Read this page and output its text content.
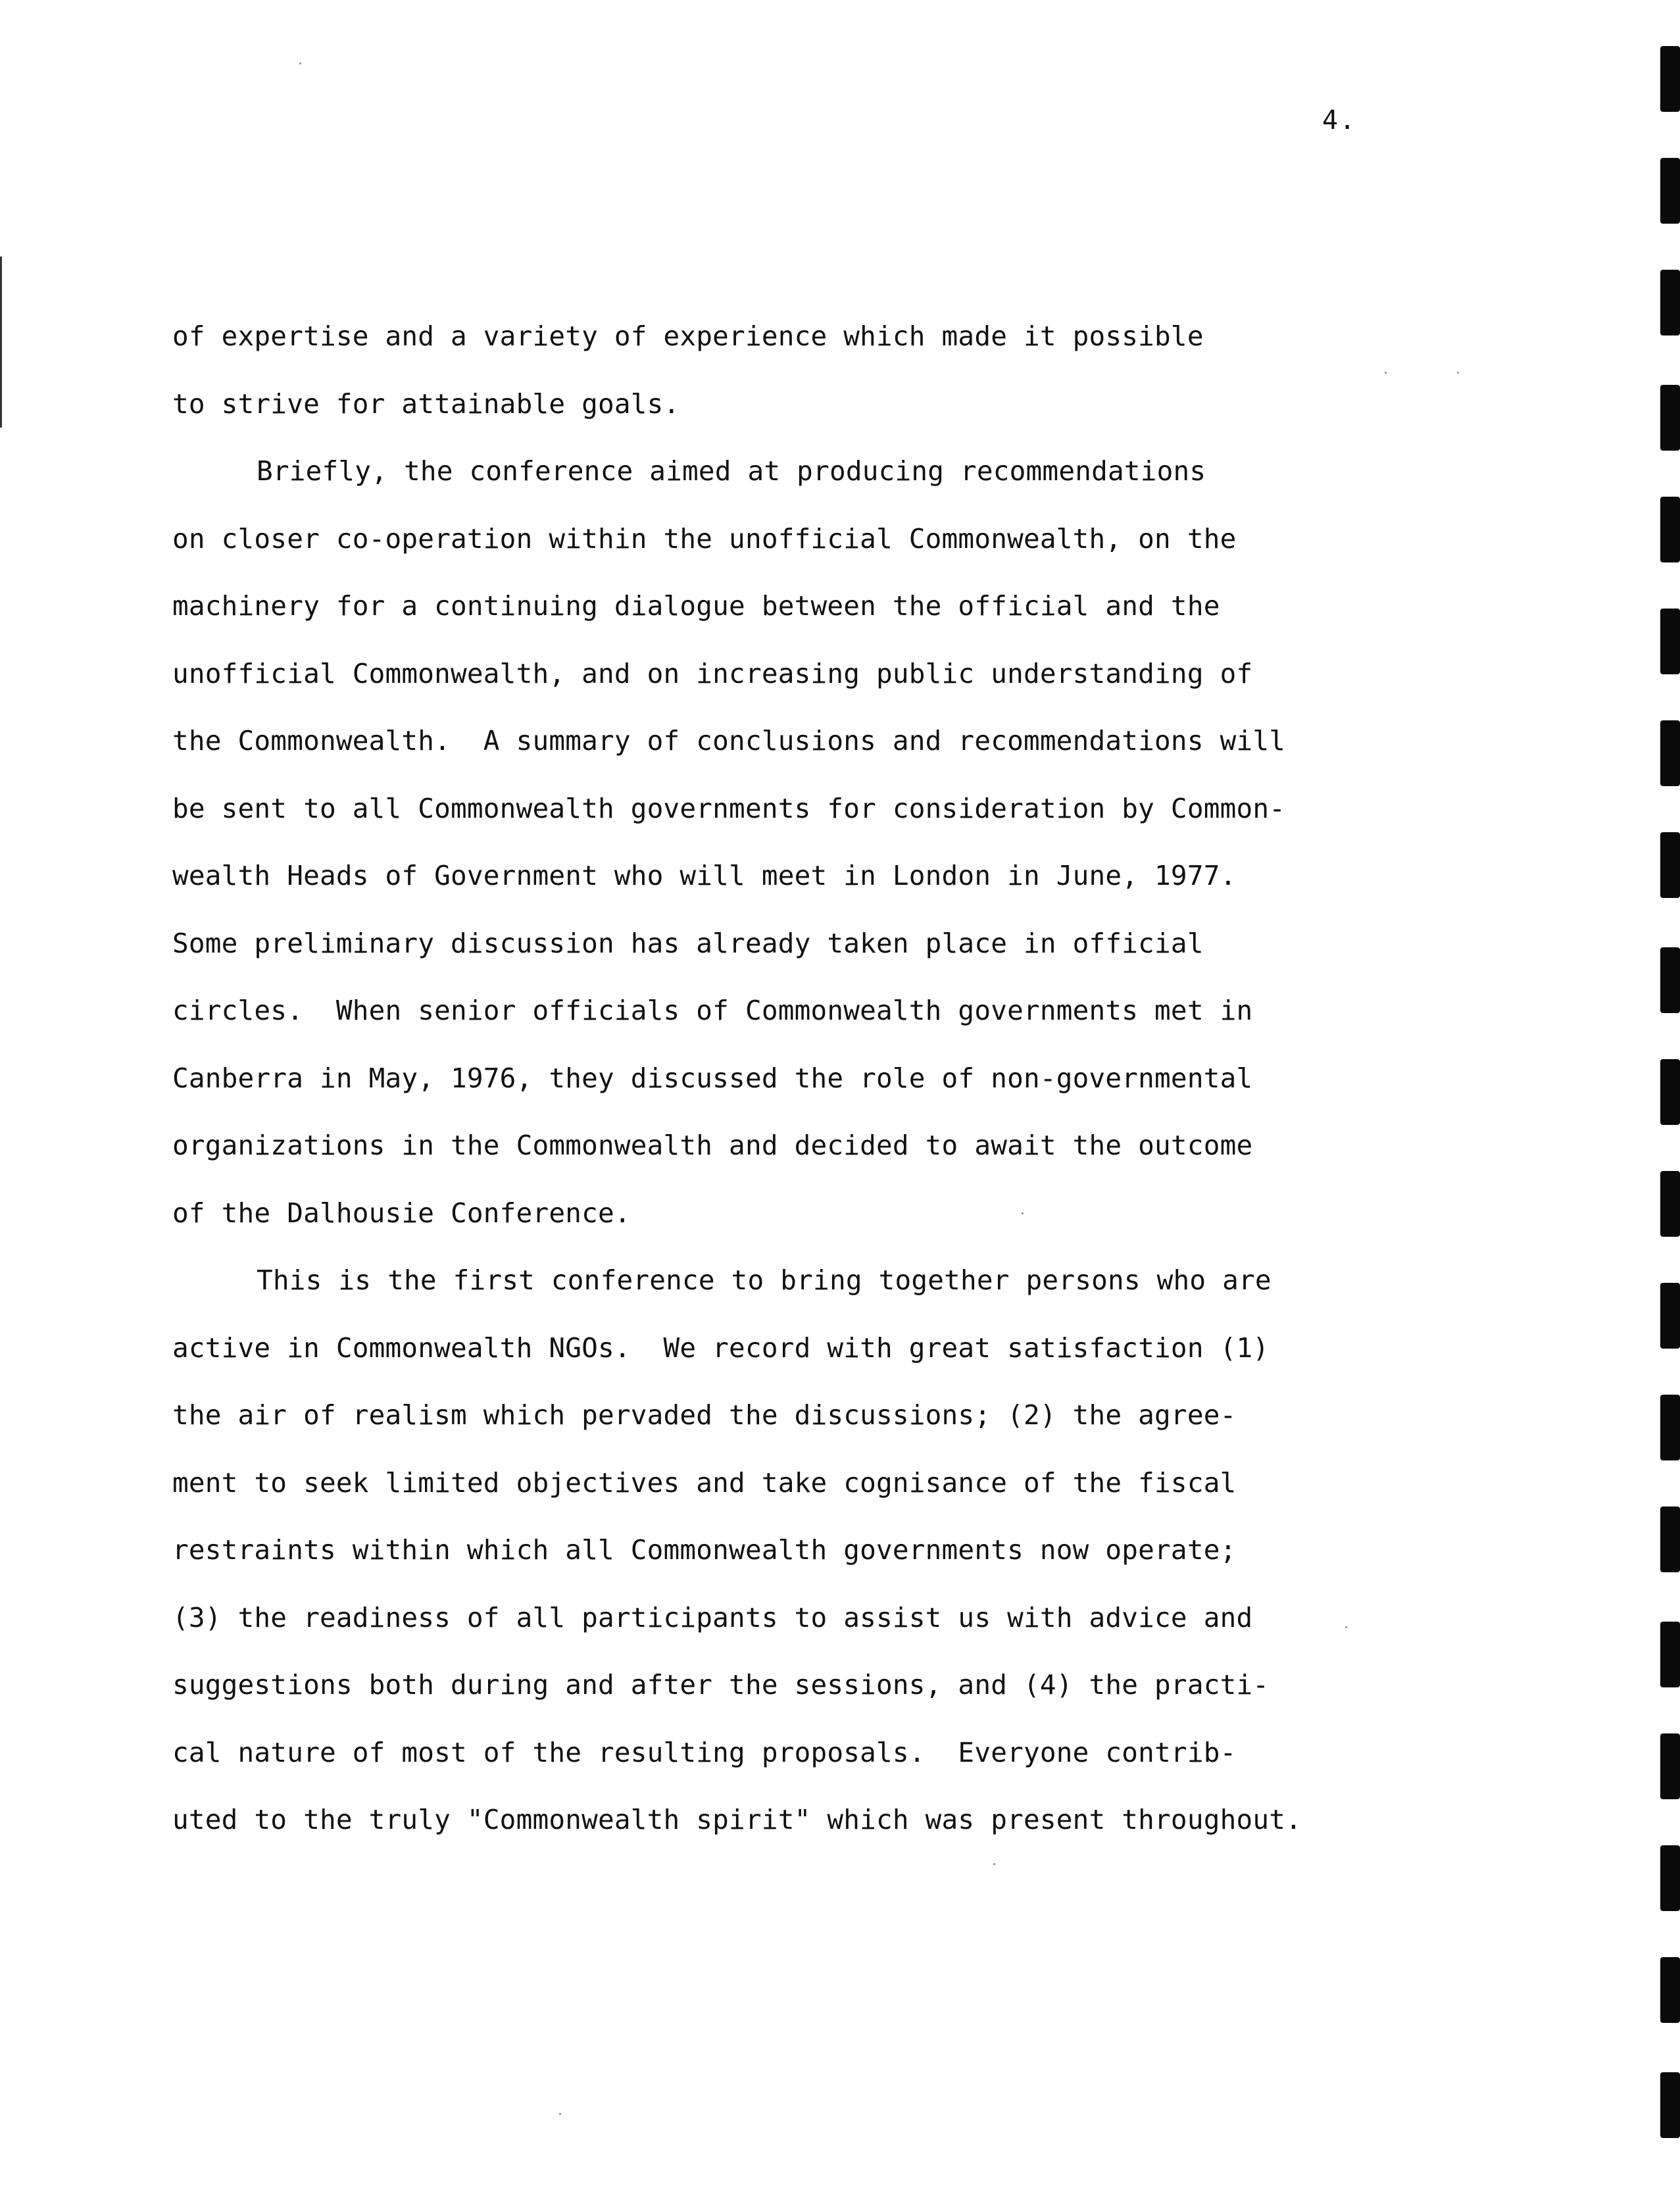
4.
of expertise and a variety of experience which made it possible
to strive for attainable goals.
Briefly, the conference aimed at producing recommendations
on closer co-operation within the unofficial Commonwealth, on the
machinery for a continuing dialogue between the official and the
unofficial Commonwealth, and on increasing public understanding of
the Commonwealth.  A summary of conclusions and recommendations will
be sent to all Commonwealth governments for consideration by Common-
wealth Heads of Government who will meet in London in June, 1977.
Some preliminary discussion has already taken place in official
circles.  When senior officials of Commonwealth governments met in
Canberra in May, 1976, they discussed the role of non-governmental
organizations in the Commonwealth and decided to await the outcome
of the Dalhousie Conference.
This is the first conference to bring together persons who are
active in Commonwealth NGOs.  We record with great satisfaction (1)
the air of realism which pervaded the discussions; (2) the agree-
ment to seek limited objectives and take cognisance of the fiscal
restraints within which all Commonwealth governments now operate;
(3) the readiness of all participants to assist us with advice and
suggestions both during and after the sessions, and (4) the practi-
cal nature of most of the resulting proposals.  Everyone contrib-
uted to the truly "Commonwealth spirit" which was present throughout.
